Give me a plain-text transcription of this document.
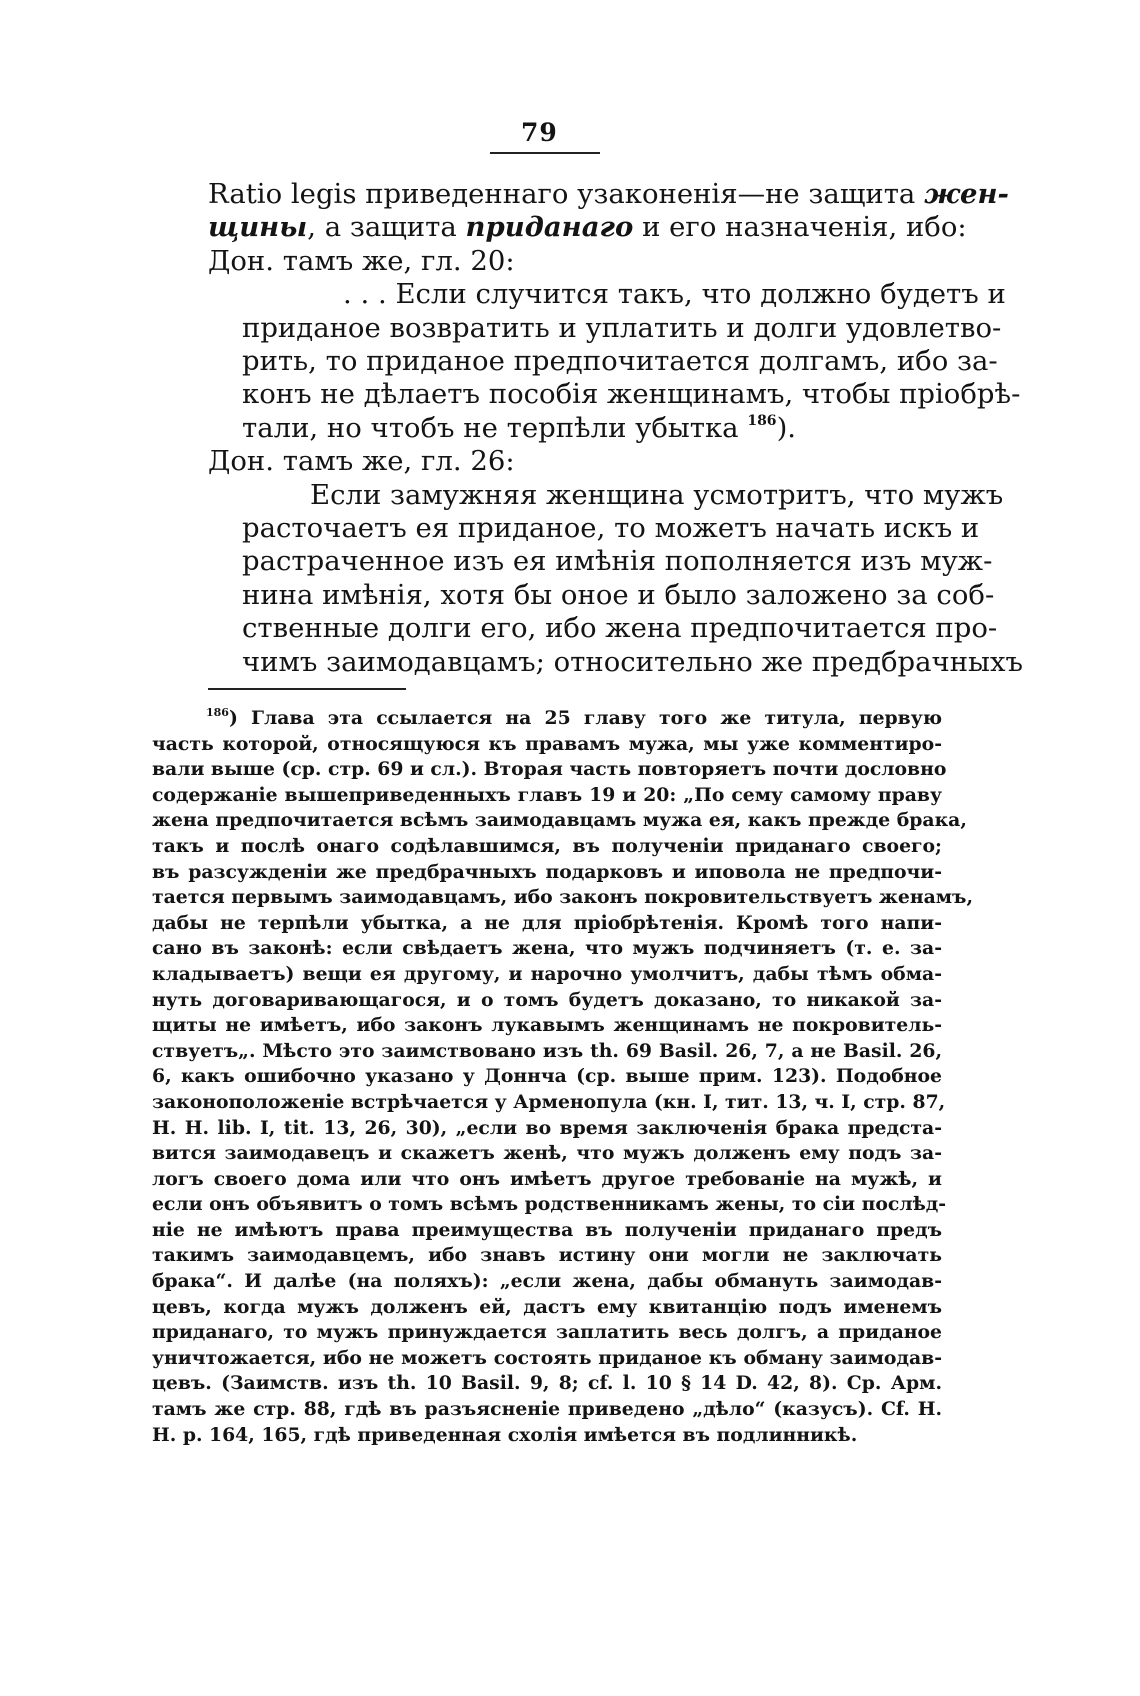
79
Ratio legis приведеннаго узаконенія—не защита жен-
щины, а защита приданаго и его назначенія, ибо:
Дон. тамъ же, гл. 20:
. . . Если случится такъ, что должно будетъ и
приданое возвратить и уплатить и долги удовлетво-
рить, то приданое предпочитается долгамъ, ибо за-
конъ не дѣлаетъ пособія женщинамъ, чтобы пріобрѣ-
тали, но чтобъ не терпѣли убытка $^{186}$).
Дон. тамъ же, гл. 26:
Если замужняя женщина усмотритъ, что мужъ
расточаетъ ея приданое, то можетъ начать искъ и
растраченное изъ ея имѣнія пополняется изъ муж-
нина имѣнія, хотя бы оное и было заложено за соб-
ственные долги его, ибо жена предпочитается про-
чимъ заимодавцамъ; относительно же предбрачныхъ
$^{186}$) Глава эта ссылается на 25 главу того же титула, первую
часть которой, относящуюся къ правамъ мужа, мы уже комментиро-
вали выше (ср. стр. 69 и сл.). Вторая часть повторяетъ почти дословно
содержаніе вышеприведенныхъ главъ 19 и 20: „По сему самому праву
жена предпочитается всѣмъ заимодавцамъ мужа ея, какъ прежде брака,
такъ и послѣ онаго содѣлавшимся, въ полученіи приданаго своего;
въ разсужденіи же предбрачныхъ подарковъ и иповола не предпочи-
тается первымъ заимодавцамъ, ибо законъ покровительствуетъ женамъ,
дабы не терпѣли убытка, а не для пріобрѣтенія. Кромѣ того напи-
сано въ законѣ: если свѣдаетъ жена, что мужъ подчиняетъ (т. е. за-
кладываетъ) вещи ея другому, и нарочно умолчитъ, дабы тѣмъ обма-
нуть договаривающагося, и о томъ будетъ доказано, то никакой за-
щиты не имѣетъ, ибо законъ лукавымъ женщинамъ не покровитель-
ствуетъ„. Мѣсто это заимствовано изъ th. 69 Basil. 26, 7, а не Basil. 26,
6, какъ ошибочно указано у Доннча (ср. выше прим. 123). Подобное
законоположеніе встрѣчается у Арменопула (кн. I, тит. 13, ч. I, стр. 87,
H. H. lib. I, tit. 13, 26, 30), „если во время заключенія брака предста-
вится заимодавецъ и скажетъ женѣ, что мужъ долженъ ему подъ за-
логъ своего дома или что онъ имѣетъ другое требованіе на мужѣ, и
если онъ объявитъ о томъ всѣмъ родственникамъ жены, то сіи послѣд-
ніе не имѣютъ права преимущества въ полученіи приданаго предъ
такимъ заимодавцемъ, ибо знавъ истину они могли не заключать
брака“. И далѣе (на поляхъ): „если жена, дабы обмануть заимодав-
цевъ, когда мужъ долженъ ей, дастъ ему квитанцію подъ именемъ
приданаго, то мужъ принуждается заплатить весь долгъ, а приданое
уничтожается, ибо не можетъ состоять приданое къ обману заимодав-
цевъ. (Заимств. изъ th. 10 Basil. 9, 8; cf. l. 10 § 14 D. 42, 8). Ср. Арм.
тамъ же стр. 88, гдѣ въ разъясненіе приведено „дѣло“ (казусъ). Cf. H.
H. p. 164, 165, гдѣ приведенная схолія имѣется въ подлинникѣ.
